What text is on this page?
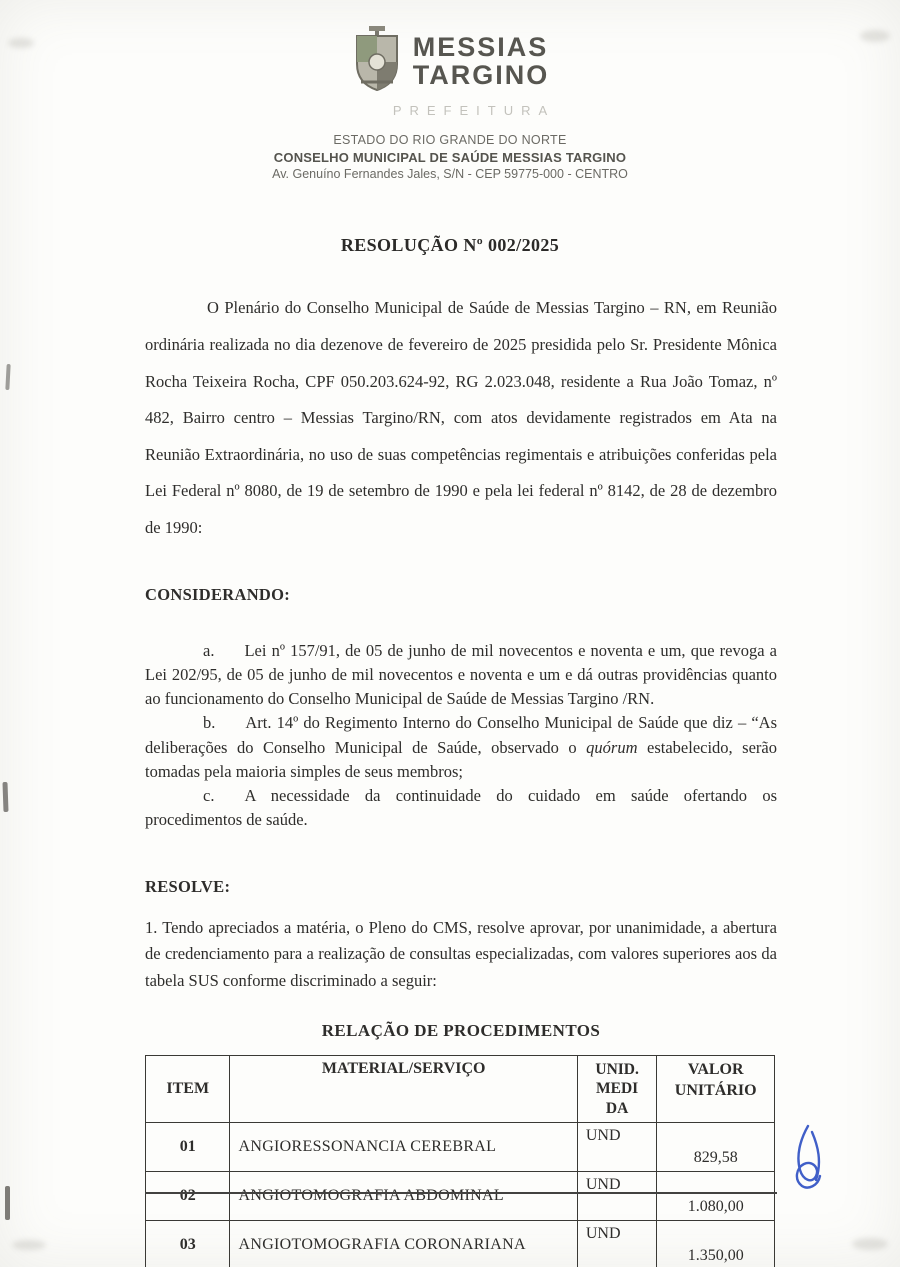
MESSIAS
TARGINO
PREFEITURA
ESTADO DO RIO GRANDE DO NORTE
CONSELHO MUNICIPAL DE SAÚDE MESSIAS TARGINO
Av. Genuíno Fernandes Jales, S/N - CEP 59775-000 - CENTRO
RESOLUÇÃO Nº 002/2025

O Plenário do Conselho Municipal de Saúde de Messias Targino – RN, em Reunião ordinária realizada no dia dezenove de fevereiro de 2025 presidida pelo Sr. Presidente Mônica Rocha Teixeira Rocha, CPF 050.203.624-92, RG 2.023.048, residente a Rua João Tomaz, nº 482, Bairro centro – Messias Targino/RN, com atos devidamente registrados em Ata na Reunião Extraordinária, no uso de suas competências regimentais e atribuições conferidas pela Lei Federal nº 8080, de 19 de setembro de 1990 e pela lei federal nº 8142, de 28 de dezembro de 1990:

CONSIDERANDO:

a. Lei nº 157/91, de 05 de junho de mil novecentos e noventa e um, que revoga a Lei 202/95, de 05 de junho de mil novecentos e noventa e um e dá outras providências quanto ao funcionamento do Conselho Municipal de Saúde de Messias Targino /RN.

b. Art. 14º do Regimento Interno do Conselho Municipal de Saúde que diz – “As deliberações do Conselho Municipal de Saúde, observado o quórum estabelecido, serão tomadas pela maioria simples de seus membros;

c. A necessidade da continuidade do cuidado em saúde ofertando os procedimentos de saúde.

RESOLVE:

1. Tendo apreciados a matéria, o Pleno do CMS, resolve aprovar, por unanimidade, a abertura de credenciamento para a realização de consultas especializadas, com valores superiores aos da tabela SUS conforme discriminado a seguir:

RELAÇÃO DE PROCEDIMENTOS
ITEM	MATERIAL/SERVIÇO	UNID. MEDI DA	VALOR UNITÁRIO
01	ANGIORESSONANCIA CEREBRAL	UND	829,58
02	ANGIOTOMOGRAFIA ABDOMINAL	UND	1.080,00
03	ANGIOTOMOGRAFIA CORONARIANA	UND	1.350,00
